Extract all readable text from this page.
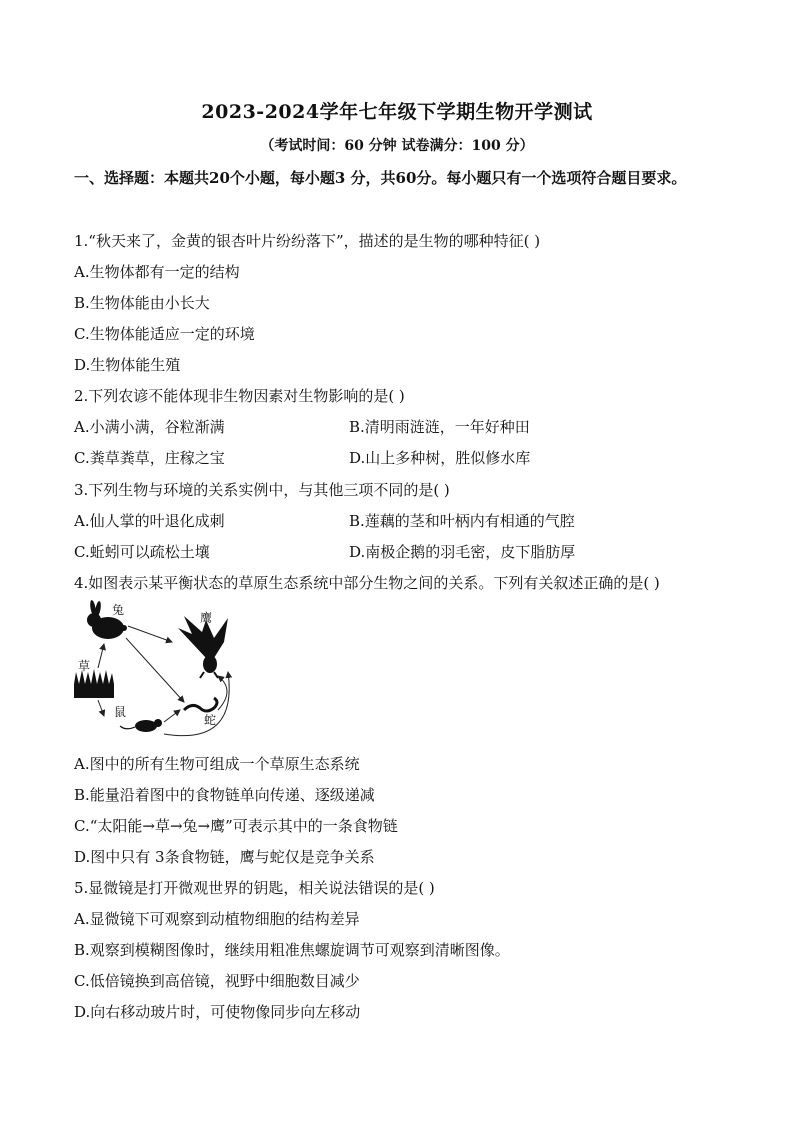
2023-2024学年七年级下学期生物开学测试
（考试时间：60 分钟 试卷满分：100 分）
一、选择题：本题共20个小题，每小题3 分，共60分。每小题只有一个选项符合题目要求。
1.“秋天来了，金黄的银杏叶片纷纷落下”，描述的是生物的哪种特征( )
A.生物体都有一定的结构
B.生物体能由小长大
C.生物体能适应一定的环境
D.生物体能生殖
2.下列农谚不能体现非生物因素对生物影响的是( )
A.小满小满，谷粒渐满	B.清明雨涟涟，一年好种田
C.粪草粪草，庄稼之宝	D.山上多种树，胜似修水库
3.下列生物与环境的关系实例中，与其他三项不同的是( )
A.仙人掌的叶退化成刺	B.莲藕的茎和叶柄内有相通的气腔
C.蚯蚓可以疏松土壤	D.南极企鹅的羽毛密，皮下脂肪厚
4.如图表示某平衡状态的草原生态系统中部分生物之间的关系。下列有关叙述正确的是( )
兔
鹰
草
鼠
蛇
A.图中的所有生物可组成一个草原生态系统
B.能量沿着图中的食物链单向传递、逐级递减
C.“太阳能→草→兔→鹰”可表示其中的一条食物链
D.图中只有 3条食物链，鹰与蛇仅是竞争关系
5.显微镜是打开微观世界的钥匙，相关说法错误的是( )
A.显微镜下可观察到动植物细胞的结构差异
B.观察到模糊图像时，继续用粗准焦螺旋调节可观察到清晰图像。
C.低倍镜换到高倍镜，视野中细胞数目减少
D.向右移动玻片时，可使物像同步向左移动
